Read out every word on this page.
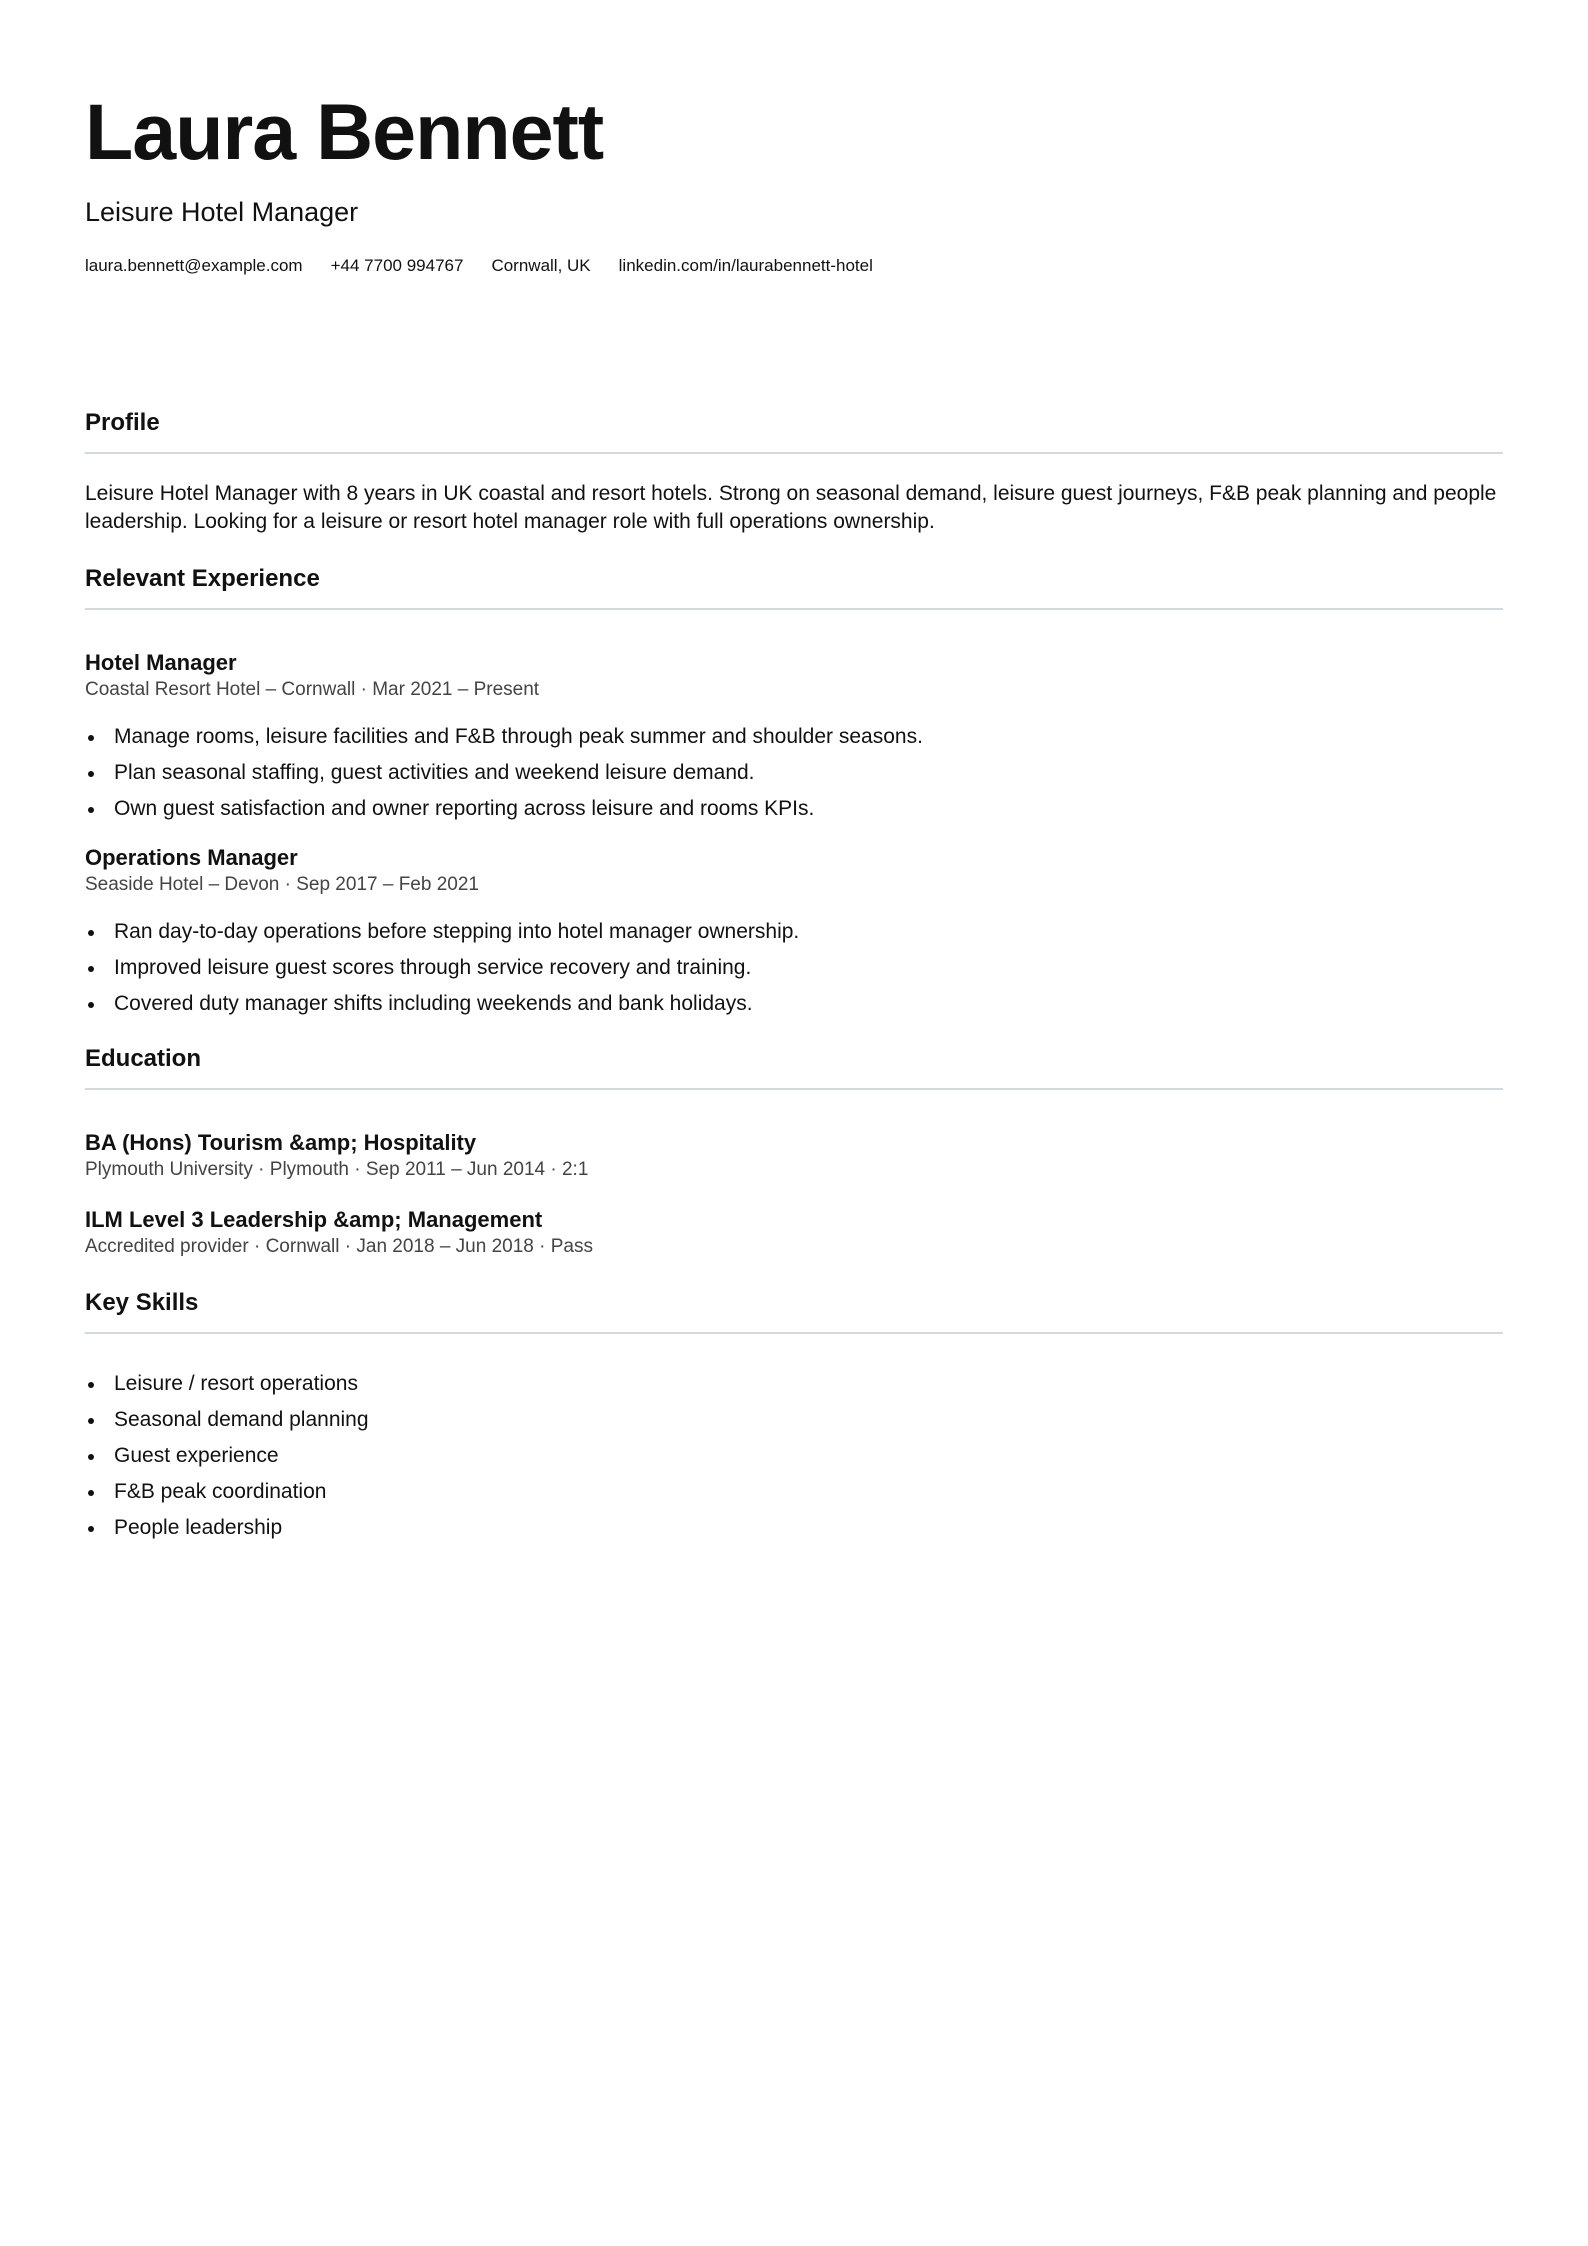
Laura Bennett
Leisure Hotel Manager
laura.bennett@example.com +44 7700 994767 Cornwall, UK linkedin.com/in/laurabennett-hotel
Profile
Leisure Hotel Manager with 8 years in UK coastal and resort hotels. Strong on seasonal demand, leisure guest journeys, F&B peak planning and people leadership. Looking for a leisure or resort hotel manager role with full operations ownership.
Relevant Experience
Hotel Manager
Coastal Resort Hotel – Cornwall · Mar 2021 – Present
Manage rooms, leisure facilities and F&B through peak summer and shoulder seasons.
Plan seasonal staffing, guest activities and weekend leisure demand.
Own guest satisfaction and owner reporting across leisure and rooms KPIs.
Operations Manager
Seaside Hotel – Devon · Sep 2017 – Feb 2021
Ran day-to-day operations before stepping into hotel manager ownership.
Improved leisure guest scores through service recovery and training.
Covered duty manager shifts including weekends and bank holidays.
Education
BA (Hons) Tourism &amp; Hospitality
Plymouth University · Plymouth · Sep 2011 – Jun 2014 · 2:1
ILM Level 3 Leadership &amp; Management
Accredited provider · Cornwall · Jan 2018 – Jun 2018 · Pass
Key Skills
Leisure / resort operations
Seasonal demand planning
Guest experience
F&B peak coordination
People leadership
